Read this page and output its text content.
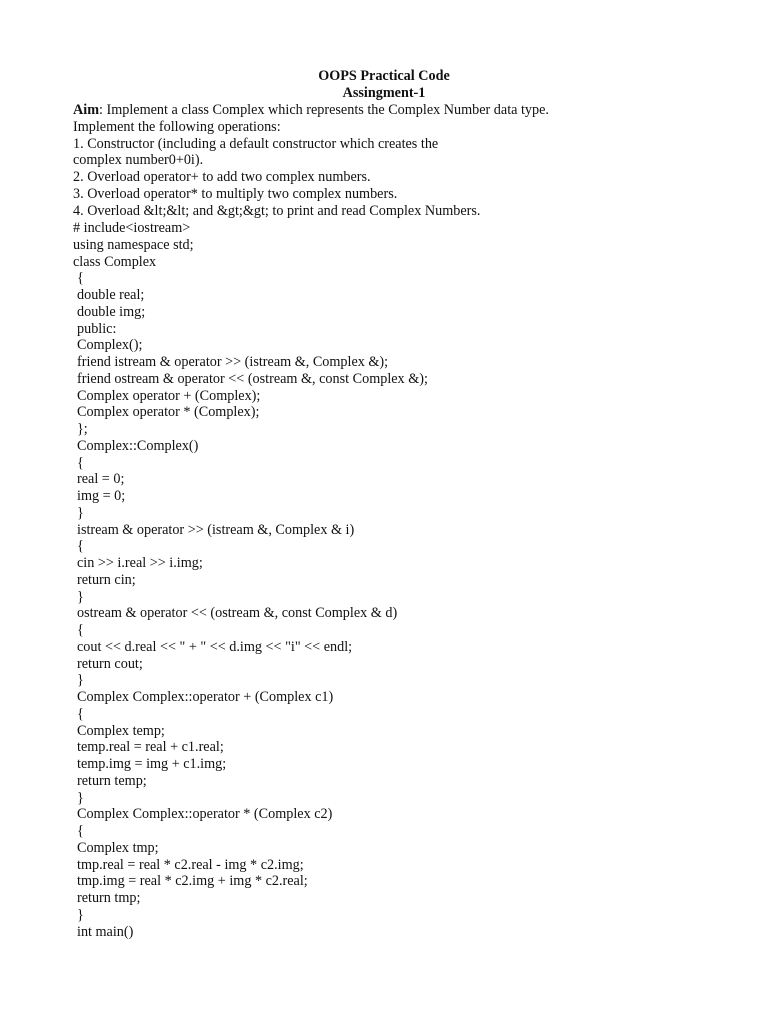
OOPS Practical Code
Assingment-1
Aim: Implement a class Complex which represents the Complex Number data type.
Implement the following operations:
1. Constructor (including a default constructor which creates the
complex number0+0i).
2. Overload operator+ to add two complex numbers.
3. Overload operator* to multiply two complex numbers.
4. Overload &lt;&lt; and &gt;&gt; to print and read Complex Numbers.
# include<iostream>
using namespace std;
class Complex
{
double real;
double img;
public:
Complex();
friend istream & operator >> (istream &, Complex &);
friend ostream & operator << (ostream &, const Complex &);
Complex operator + (Complex);
Complex operator * (Complex);
};
Complex::Complex()
{
real = 0;
img = 0;
}
istream & operator >> (istream &, Complex & i)
{
cin >> i.real >> i.img;
return cin;
}
ostream & operator << (ostream &, const Complex & d)
{
cout << d.real << " + " << d.img << "i" << endl;
return cout;
}
Complex Complex::operator + (Complex c1)
{
Complex temp;
temp.real = real + c1.real;
temp.img = img + c1.img;
return temp;
}
Complex Complex::operator * (Complex c2)
{
Complex tmp;
tmp.real = real * c2.real - img * c2.img;
tmp.img = real * c2.img + img * c2.real;
return tmp;
}
int main()
